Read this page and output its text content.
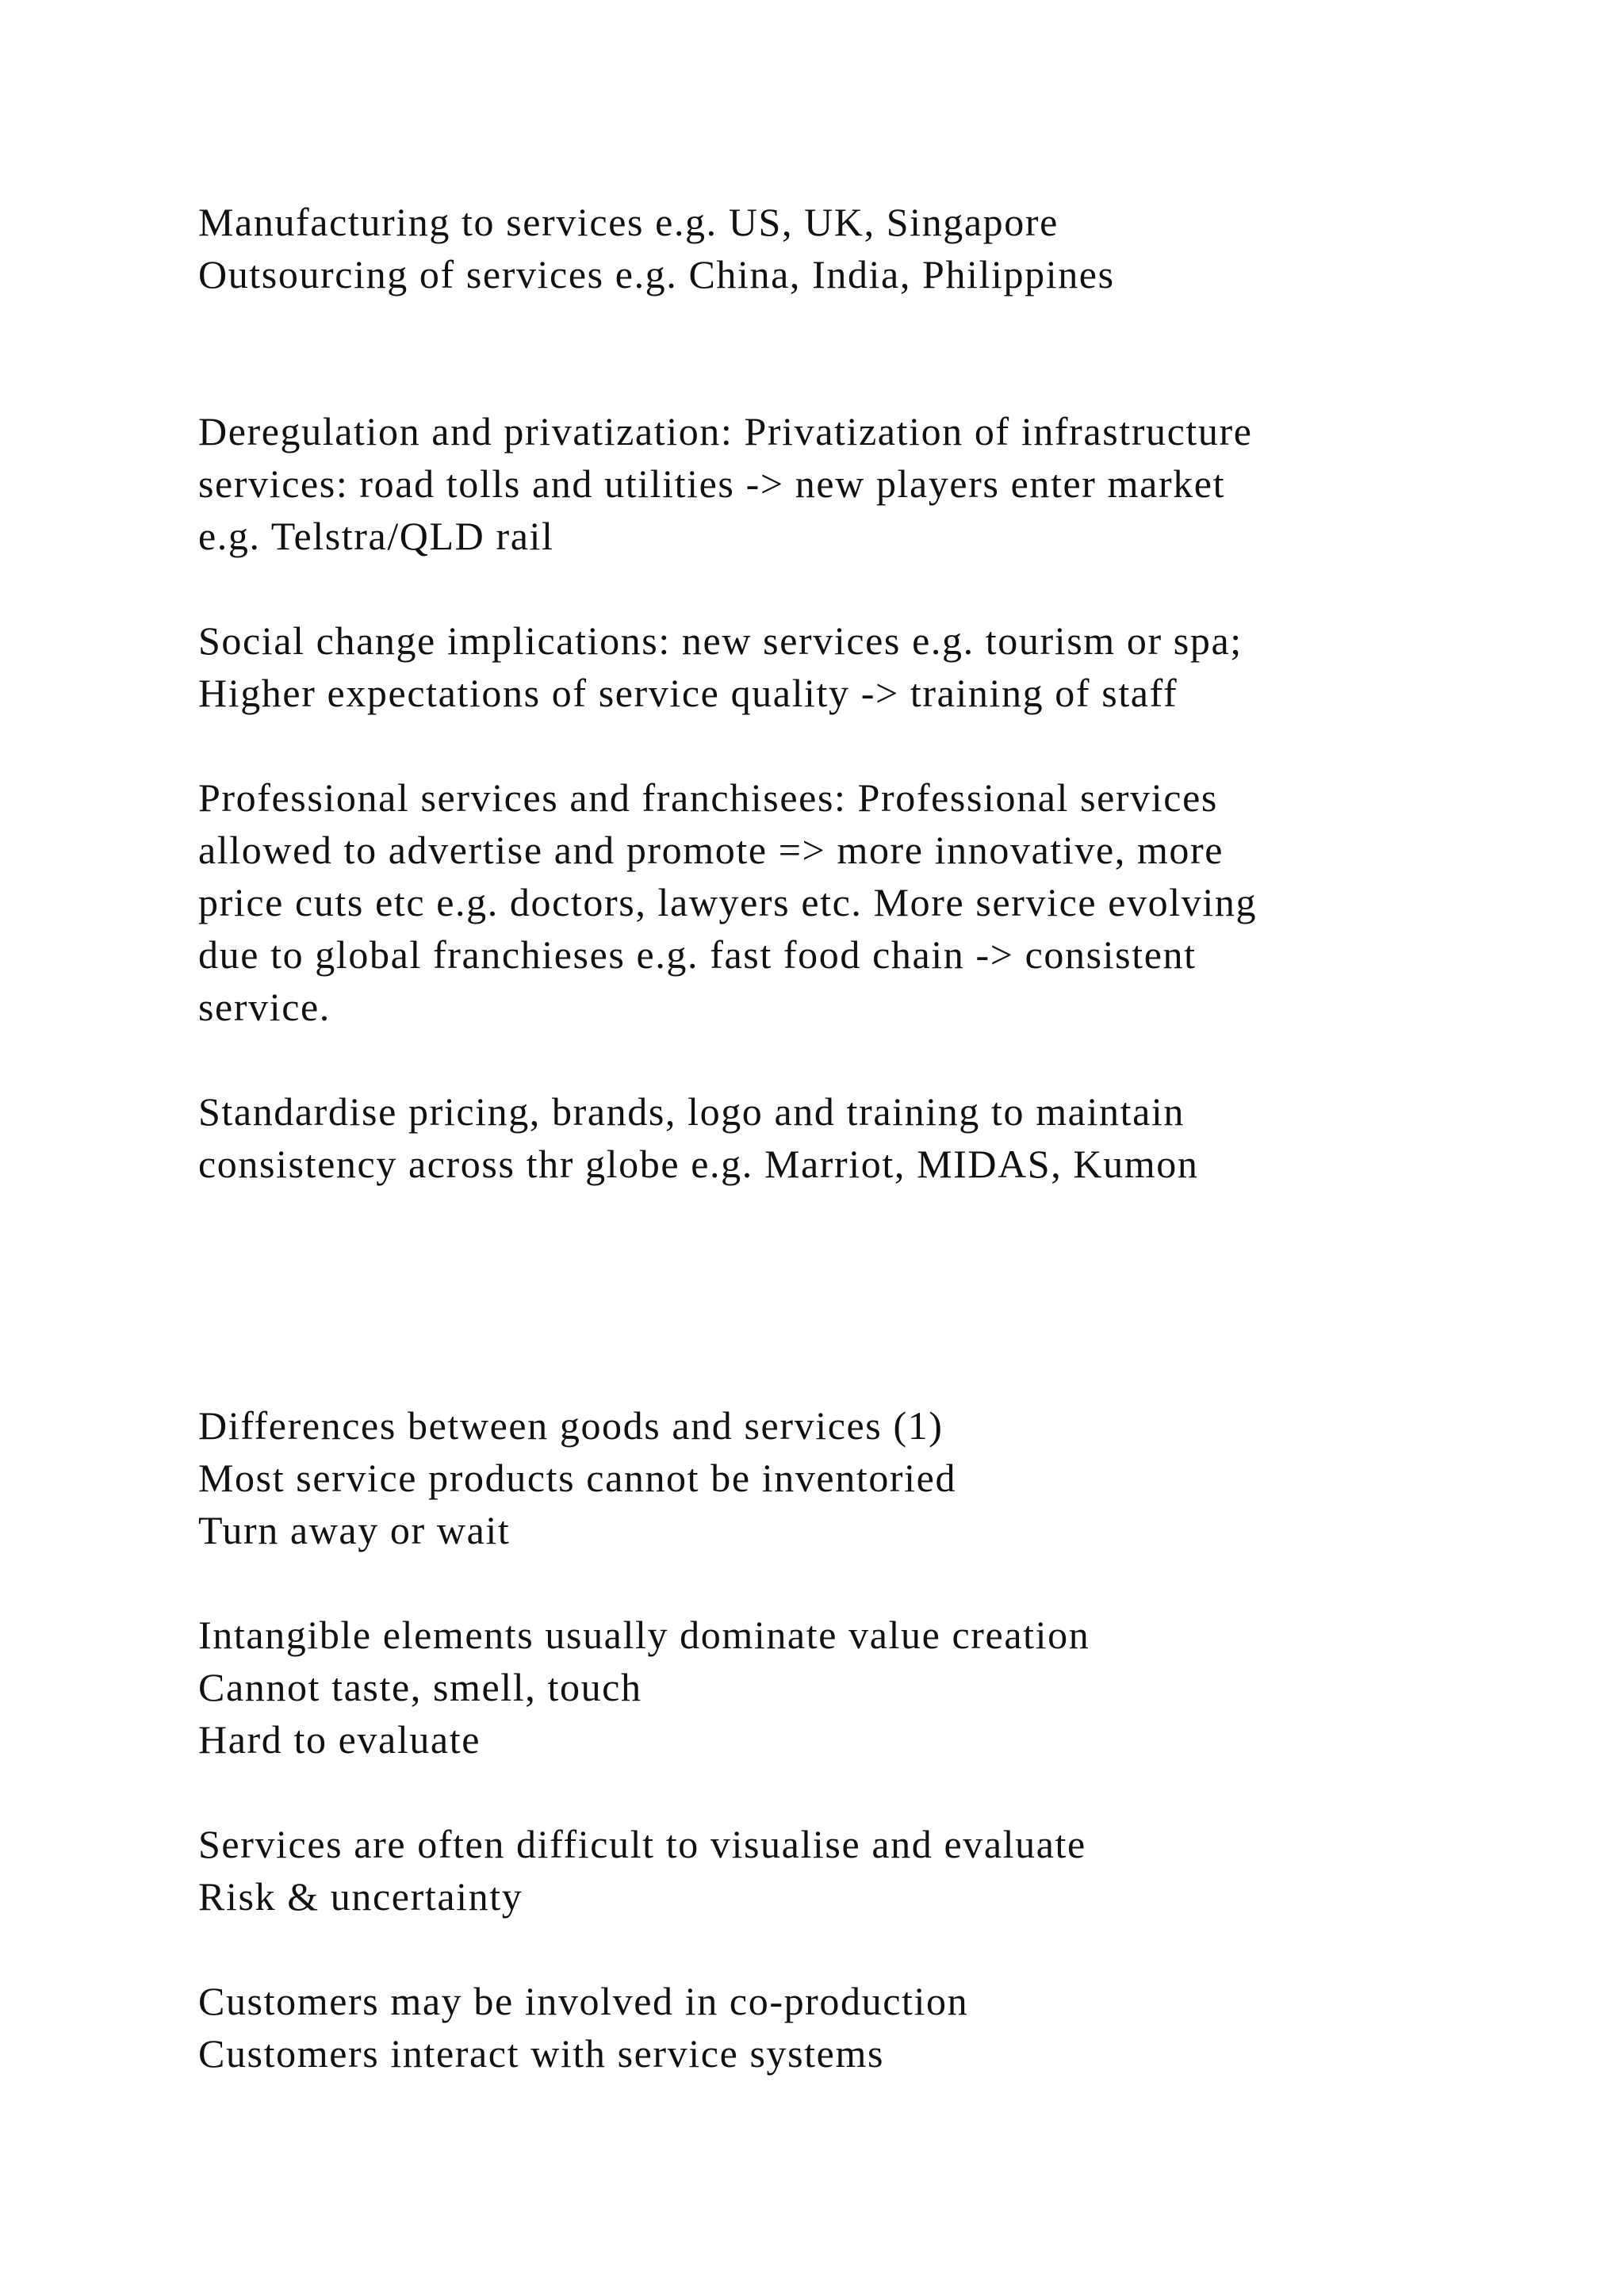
Manufacturing to services e.g. US, UK, Singapore

Outsourcing of services e.g. China, India, Philippines

Deregulation and privatization: Privatization of infrastructure

services: road tolls and utilities -> new players enter market

e.g. Telstra/QLD rail

Social change implications: new services e.g. tourism or spa;

Higher expectations of service quality -> training of staff

Professional services and franchisees: Professional services

allowed to advertise and promote => more innovative, more

price cuts etc e.g. doctors, lawyers etc. More service evolving

due to global franchieses e.g. fast food chain -> consistent

service.

Standardise pricing, brands, logo and training to maintain

consistency across thr globe e.g. Marriot, MIDAS, Kumon

Differences between goods and services (1)

Most service products cannot be inventoried

Turn away or wait

Intangible elements usually dominate value creation

Cannot taste, smell, touch

Hard to evaluate

Services are often difficult to visualise and evaluate

Risk & uncertainty

Customers may be involved in co-production

Customers interact with service systems
